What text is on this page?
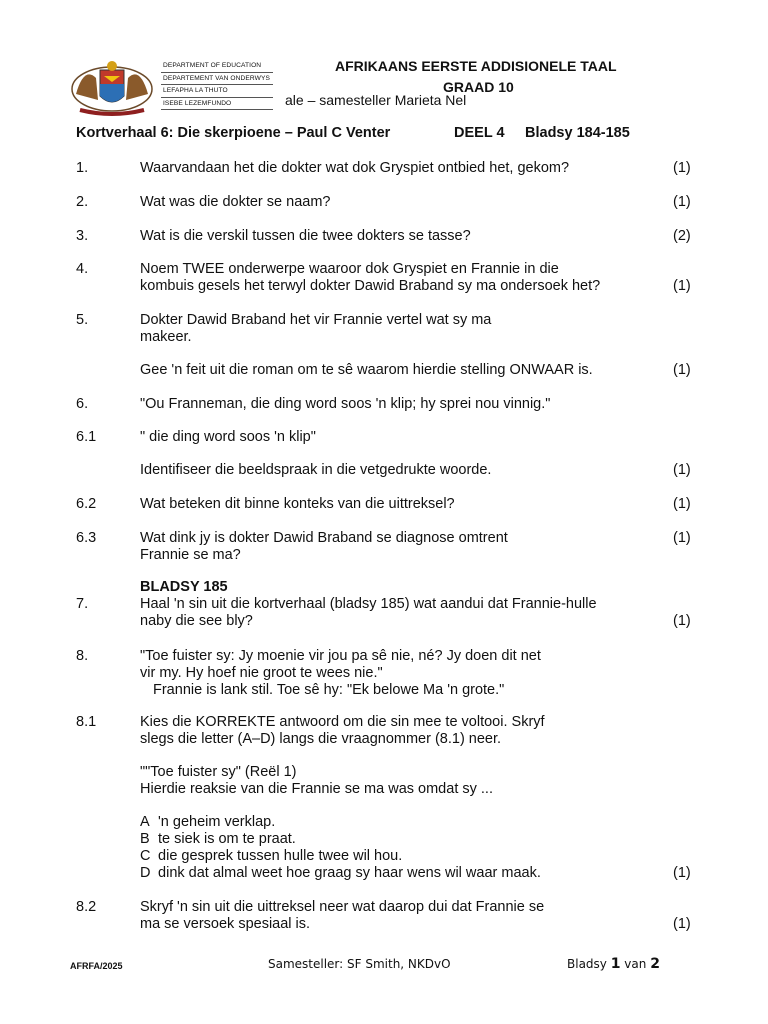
DEPARTMENT OF EDUCATION
DEPARTEMENT VAN ONDERWYS
LEFAPHA LA THUTO
ISEBE LEZEMFUNDO
AFRIKAANS EERSTE ADDISIONELE TAAL
GRAAD 10
ale – samesteller Marieta Nel
Kortverhaal 6: Die skerpioene – Paul C Venter	DEEL 4 Bladsy 184-185
1.	Waarvandaan het die dokter wat dok Gryspiet ontbied het, gekom?	(1)
2.	Wat was die dokter se naam?	(1)
3.	Wat is die verskil tussen die twee dokters se tasse?	(2)
4.	Noem TWEE onderwerpe waaroor dok Gryspiet en Frannie in die
kombuis gesels het terwyl dokter Dawid Braband sy ma ondersoek het?	(1)
5.	Dokter Dawid Braband het vir Frannie vertel wat sy ma
makeer.
Gee 'n feit uit die roman om te sê waarom hierdie stelling ONWAAR is.	(1)
6.	"Ou Franneman, die ding word soos 'n klip; hy sprei nou vinnig."
6.1	" die ding word soos 'n klip"
Identifiseer die beeldspraak in die vetgedrukte woorde.	(1)
6.2	Wat beteken dit binne konteks van die uittreksel?	(1)
6.3	Wat dink jy is dokter Dawid Braband se diagnose omtrent
Frannie se ma?
(1)
BLADSY 185
7.	Haal 'n sin uit die kortverhaal (bladsy 185) wat aandui dat Frannie-hulle
naby die see bly?	(1)
8.	"Toe fuister sy: Jy moenie vir jou pa sê nie, né? Jy doen dit net
vir my. Hy hoef nie groot te wees nie."
Frannie is lank stil. Toe sê hy: "Ek belowe Ma 'n grote."
8.1	Kies die KORREKTE antwoord om die sin mee te voltooi. Skryf
slegs die letter (A–D) langs die vraagnommer (8.1) neer.
""Toe fuister sy" (Reël 1)
Hierdie reaksie van die Frannie se ma was omdat sy ...
A 'n geheim verklap.
B te siek is om te praat.
C die gesprek tussen hulle twee wil hou.
D dink dat almal weet hoe graag sy haar wens wil waar maak.	(1)
8.2	Skryf 'n sin uit die uittreksel neer wat daarop dui dat Frannie se
ma se versoek spesiaal is.	(1)
AFRFA/2025	Samesteller: SF Smith, NKDvO	Bladsy 1 van 2
